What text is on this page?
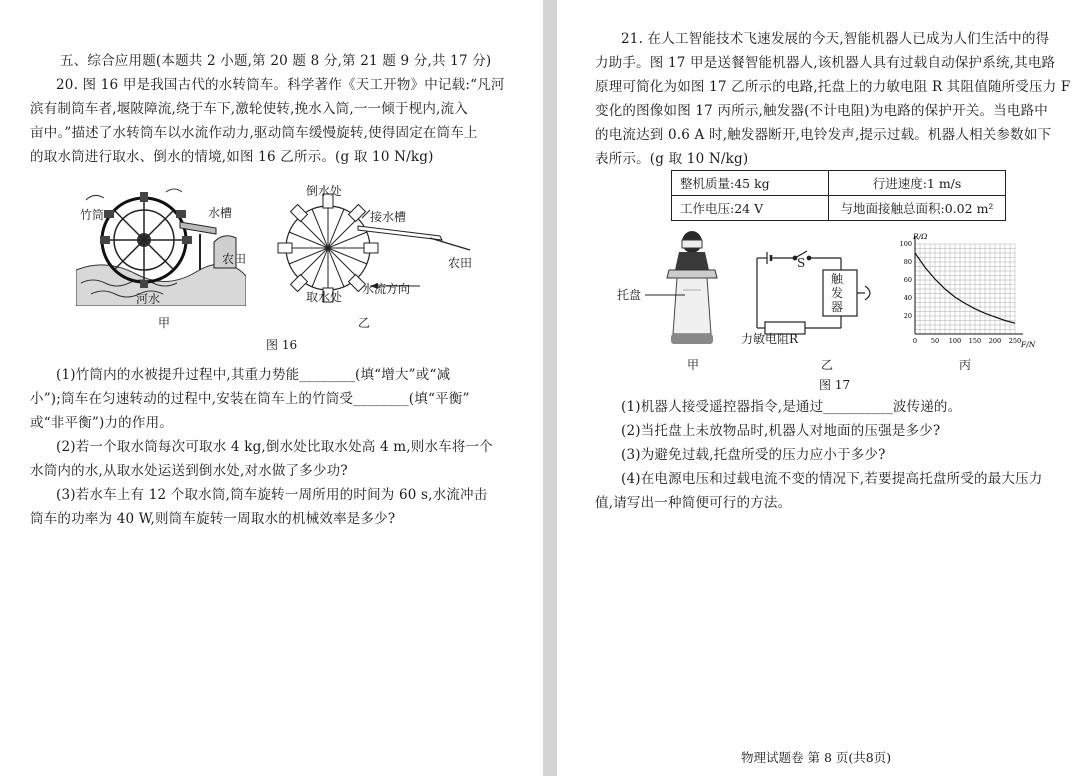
五、综合应用题(本题共 2 小题,第 20 题 8 分,第 21 题 9 分,共 17 分)
20. 图 16 甲是我国古代的水转筒车。科学著作《天工开物》中记载:“凡河
滨有制筒车者,堰陂障流,绕于车下,激轮使转,挽水入筒,一一倾于枧内,流入
亩中。”描述了水转筒车以水流作动力,驱动筒车缓慢旋转,使得固定在筒车上
的取水筒进行取水、倒水的情境,如图 16 乙所示。(g 取 10 N/kg)
竹筒	水槽
农田
河水
甲
倒水处
接水槽
农田
取水处
水流方向
乙
图 16
(1)竹筒内的水被提升过程中,其重力势能________(填“增大”或“减
小”);筒车在匀速转动的过程中,安装在筒车上的竹筒受________(填“平衡”
或“非平衡”)力的作用。
(2)若一个取水筒每次可取水 4 kg,倒水处比取水处高 4 m,则水车将一个
水筒内的水,从取水处运送到倒水处,对水做了多少功?
(3)若水车上有 12 个取水筒,筒车旋转一周所用的时间为 60 s,水流冲击
筒车的功率为 40 W,则筒车旋转一周取水的机械效率是多少?
21. 在人工智能技术飞速发展的今天,智能机器人已成为人们生活中的得
力助手。图 17 甲是送餐智能机器人,该机器人具有过载自动保护系统,其电路
原理可简化为如图 17 乙所示的电路,托盘上的力敏电阻 R 其阻值随所受压力 F
变化的图像如图 17 丙所示,触发器(不计电阻)为电路的保护开关。当电路中
的电流达到 0.6 A 时,触发器断开,电铃发声,提示过载。机器人相关参数如下
表所示。(g 取 10 N/kg)
整机质量:45 kg	行进速度:1 m/s
工作电压:24 V	与地面接触总面积:0.02 m²
托盘
甲
S
触发器
力敏电阻R
乙
R/Ω
F/N
0 50 100 150 200 250
20
40
60
80
100
丙
图 17
(1)机器人接受遥控器指令,是通过__________波传递的。
(2)当托盘上未放物品时,机器人对地面的压强是多少?
(3)为避免过载,托盘所受的压力应小于多少?
(4)在电源电压和过载电流不变的情况下,若要提高托盘所受的最大压力
值,请写出一种简便可行的方法。
物理试题卷 第 8 页(共8页)
